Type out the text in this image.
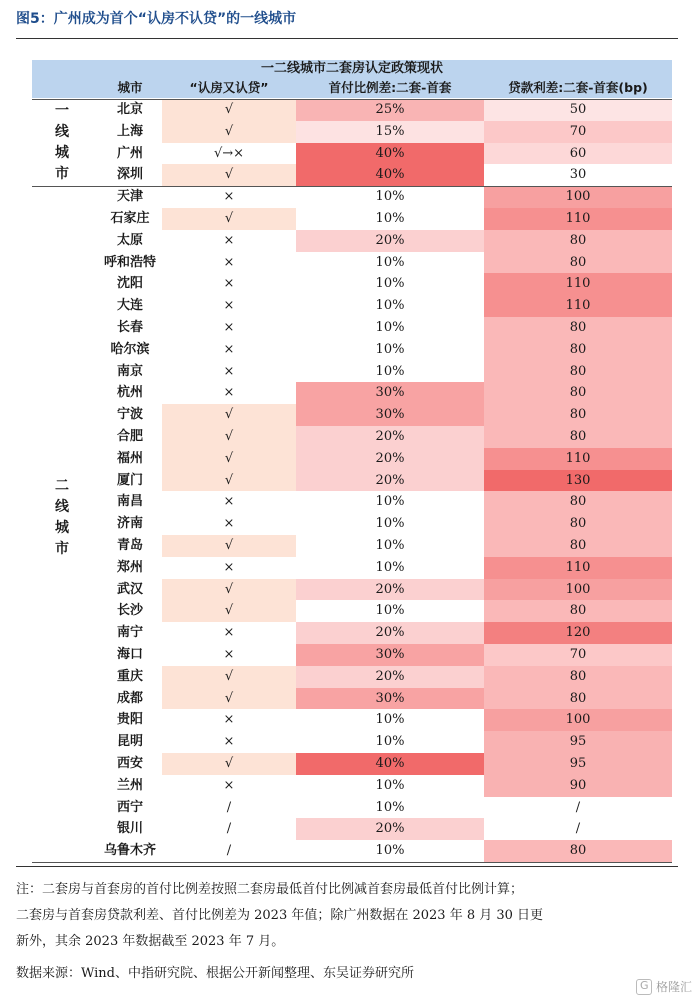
图5：广州成为首个“认房不认贷”的一线城市
一二线城市二套房认定政策现状
城市	“认房又认贷”	首付比例差:二套-首套	贷款利差:二套-首套(bp)
北京	√	25%	50
上海	√	15%	70
广州	√→×	40%	60
深圳	√	40%	30
天津	×	10%	100
石家庄	√	10%	110
太原	×	20%	80
呼和浩特	×	10%	80
沈阳	×	10%	110
大连	×	10%	110
长春	×	10%	80
哈尔滨	×	10%	80
南京	×	10%	80
杭州	×	30%	80
宁波	√	30%	80
合肥	√	20%	80
福州	√	20%	110
厦门	√	20%	130
南昌	×	10%	80
济南	×	10%	80
青岛	√	10%	80
郑州	×	10%	110
武汉	√	20%	100
长沙	√	10%	80
南宁	×	20%	120
海口	×	30%	70
重庆	√	20%	80
成都	√	30%	80
贵阳	×	10%	100
昆明	×	10%	95
西安	√	40%	95
兰州	×	10%	90
西宁	/	10%	/
银川	/	20%	/
乌鲁木齐	/	10%	80
一
线
城
市
二
线
城
市
注：二套房与首套房的首付比例差按照二套房最低首付比例减首套房最低首付比例计算；
二套房与首套房贷款利差、首付比例差为 2023 年值；除广州数据在 2023 年 8 月 30 日更
新外，其余 2023 年数据截至 2023 年 7 月。
数据来源：Wind、中指研究院、根据公开新闻整理、东吴证券研究所
G
格隆汇
